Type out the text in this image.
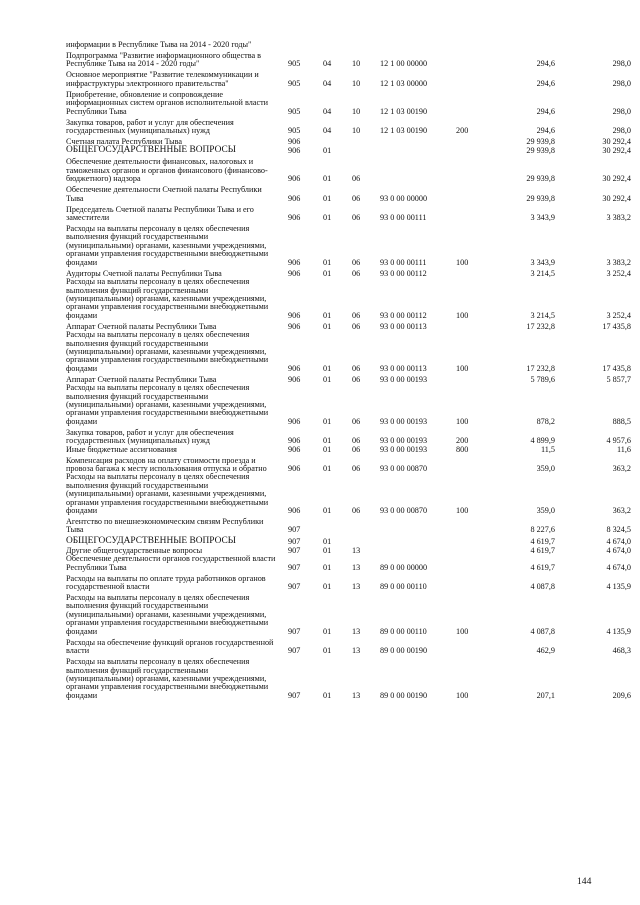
информации в Республике Тыва на 2014 - 2020 годы"
Подпрограмма "Развитие информационного общества в Республике Тыва на 2014 - 2020 годы"	905	04	10 12 1 00 00000	294,6	298,0
Основное мероприятие "Развитие телекоммуникации и инфраструктуры электронного правительства"	905	04	10 12 1 03 00000	294,6	298,0
Приобретение, обновление и сопровождение информационных систем органов исполнительной власти Республики Тыва	905	04	10 12 1 03 00190	294,6	298,0
Закупка товаров, работ и услуг для обеспечения государственных (муниципальных) нужд	905	04	10 12 1 03 00190	200	294,6	298,0
Счетная палата Республики Тыва	906	29 939,8	30 292,4
ОБЩЕГОСУДАРСТВЕННЫЕ ВОПРОСЫ	906	01	29 939,8	30 292,4
Обеспечение деятельности финансовых, налоговых и таможенных органов и органов финансового (финансово-бюджетного) надзора	906	01	06	29 939,8	30 292,4
Обеспечение деятельности Счетной палаты Республики Тыва	906	01	06 93 0 00 00000	29 939,8	30 292,4
Председатель Счетной палаты Республики Тыва и его заместители	906	01	06 93 0 00 00111	3 343,9	3 383,2
Расходы на выплаты персоналу в целях обеспечения выполнения функций государственными (муниципальными) органами, казенными учреждениями, органами управления государственными внебюджетными фондами	906	01	06 93 0 00 00111	100	3 343,9	3 383,2
Аудиторы Счетной палаты Республики Тыва	906	01	06 93 0 00 00112	3 214,5	3 252,4
Расходы на выплаты персоналу в целях обеспечения выполнения функций государственными (муниципальными) органами, казенными учреждениями, органами управления государственными внебюджетными фондами	906	01	06 93 0 00 00112	100	3 214,5	3 252,4
Аппарат Счетной палаты Республики Тыва	906	01	06 93 0 00 00113	17 232,8	17 435,8
Расходы на выплаты персоналу в целях обеспечения выполнения функций государственными (муниципальными) органами, казенными учреждениями, органами управления государственными внебюджетными фондами	906	01	06 93 0 00 00113	100	17 232,8	17 435,8
Аппарат Счетной палаты Республики Тыва	906	01	06 93 0 00 00193	5 789,6	5 857,7
Расходы на выплаты персоналу в целях обеспечения выполнения функций государственными (муниципальными) органами, казенными учреждениями, органами управления государственными внебюджетными фондами	906	01	06 93 0 00 00193	100	878,2	888,5
Закупка товаров, работ и услуг для обеспечения государственных (муниципальных) нужд	906	01	06 93 0 00 00193	200	4 899,9	4 957,6
Иные бюджетные ассигнования	906	01	06 93 0 00 00193	800	11,5	11,6
Компенсация расходов на оплату стоимости проезда и провоза багажа к месту использования отпуска и обратно	906	01	06 93 0 00 00870	359,0	363,2
Расходы на выплаты персоналу в целях обеспечения выполнения функций государственными (муниципальными) органами, казенными учреждениями, органами управления государственными внебюджетными фондами	906	01	06 93 0 00 00870	100	359,0	363,2
Агентство по внешнеэкономическим связям Республики Тыва	907	8 227,6	8 324,5
ОБЩЕГОСУДАРСТВЕННЫЕ ВОПРОСЫ	907	01	4 619,7	4 674,0
Другие общегосударственные вопросы	907	01	13	4 619,7	4 674,0
Обеспечение деятельности органов государственной власти Республики Тыва	907	01	13 89 0 00 00000	4 619,7	4 674,0
Расходы на выплаты по оплате труда работников органов государственной власти	907	01	13 89 0 00 00110	4 087,8	4 135,9
Расходы на выплаты персоналу в целях обеспечения выполнения функций государственными (муниципальными) органами, казенными учреждениями, органами управления государственными внебюджетными фондами	907	01	13 89 0 00 00110	100	4 087,8	4 135,9
Расходы на обеспечение функций органов государственной власти	907	01	13 89 0 00 00190	462,9	468,3
Расходы на выплаты персоналу в целях обеспечения выполнения функций государственными (муниципальными) органами, казенными учреждениями, органами управления государственными внебюджетными фондами	907	01	13 89 0 00 00190	100	207,1	209,6
144
